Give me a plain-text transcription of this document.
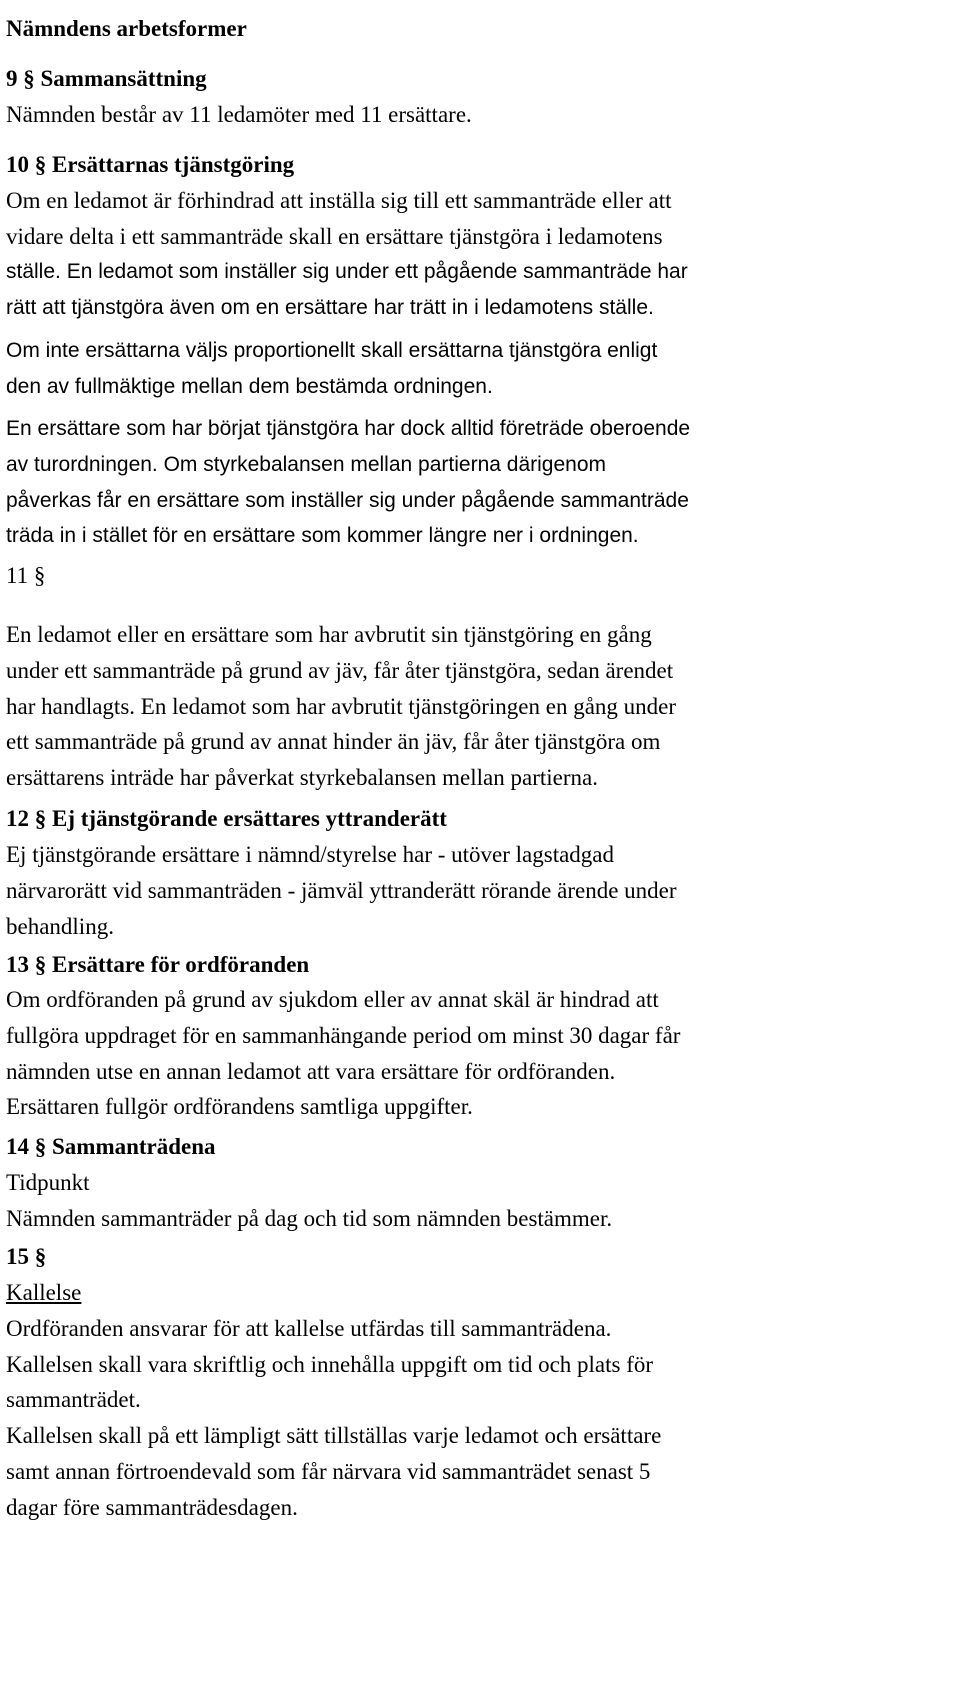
Nämndens arbetsformer
9 § Sammansättning
Nämnden består av 11 ledamöter med 11 ersättare.
10 § Ersättarnas tjänstgöring
Om en ledamot är förhindrad att inställa sig till ett sammanträde eller att
vidare delta i ett sammanträde skall en ersättare tjänstgöra i ledamotens
ställe. En ledamot som inställer sig under ett pågående sammanträde har
rätt att tjänstgöra även om en ersättare har trätt in i ledamotens ställe.
Om inte ersättarna väljs proportionellt skall ersättarna tjänstgöra enligt
den av fullmäktige mellan dem bestämda ordningen.
En ersättare som har börjat tjänstgöra har dock alltid företräde oberoende
av turordningen. Om styrkebalansen mellan partierna därigenom
påverkas får en ersättare som inställer sig under pågående sammanträde
träda in i stället för en ersättare som kommer längre ner i ordningen.
11 §
En ledamot eller en ersättare som har avbrutit sin tjänstgöring en gång
under ett sammanträde på grund av jäv, får åter tjänstgöra, sedan ärendet
har handlagts. En ledamot som har avbrutit tjänstgöringen en gång under
ett sammanträde på grund av annat hinder än jäv, får åter tjänstgöra om
ersättarens inträde har påverkat styrkebalansen mellan partierna.
12 § Ej tjänstgörande ersättares yttranderätt
Ej tjänstgörande ersättare i nämnd/styrelse har - utöver lagstadgad
närvarorätt vid sammanträden - jämväl yttranderätt rörande ärende under
behandling.
13 § Ersättare för ordföranden
Om ordföranden på grund av sjukdom eller av annat skäl är hindrad att
fullgöra uppdraget för en sammanhängande period om minst 30 dagar får
nämnden utse en annan ledamot att vara ersättare för ordföranden.
Ersättaren fullgör ordförandens samtliga uppgifter.
14 § Sammanträdena
Tidpunkt
Nämnden sammanträder på dag och tid som nämnden bestämmer.
15 §
Kallelse
Ordföranden ansvarar för att kallelse utfärdas till sammanträdena.
Kallelsen skall vara skriftlig och innehålla uppgift om tid och plats för
sammanträdet.
Kallelsen skall på ett lämpligt sätt tillställas varje ledamot och ersättare
samt annan förtroendevald som får närvara vid sammanträdet senast 5
dagar före sammanträdesdagen.
